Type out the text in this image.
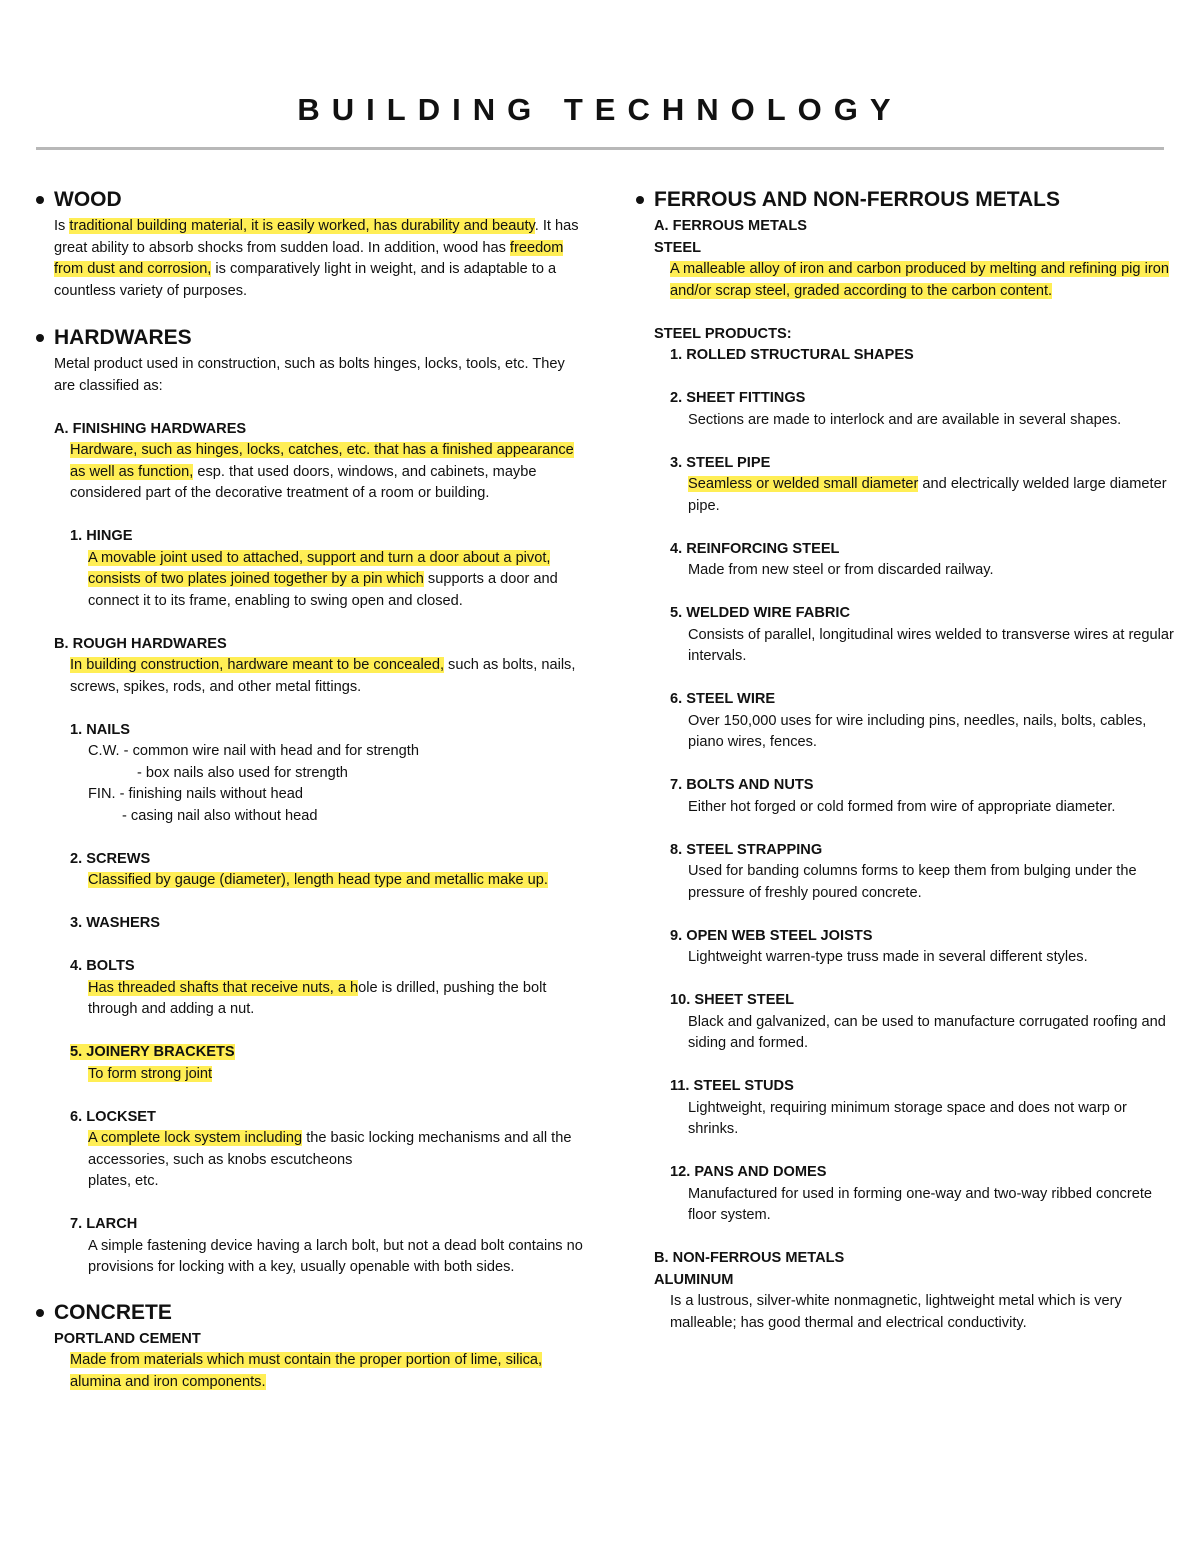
BUILDING TECHNOLOGY
WOOD

Is traditional building material, it is easily worked, has durability and beauty. It has great ability to absorb shocks from sudden load. In addition, wood has freedom from dust and corrosion, is comparatively light in weight, and is adaptable to a countless variety of purposes.

HARDWARES

Metal product used in construction, such as bolts hinges, locks, tools, etc. They are classified as:

A. FINISHING HARDWARES

Hardware, such as hinges, locks, catches, etc. that has a finished appearance as well as function, esp. that used doors, windows, and cabinets, maybe considered part of the decorative treatment of a room or building.

1. HINGE

A movable joint used to attached, support and turn a door about a pivot, consists of two plates joined together by a pin which supports a door and connect it to its frame, enabling to swing open and closed.

B. ROUGH HARDWARES

In building construction, hardware meant to be concealed, such as bolts, nails, screws, spikes, rods, and other metal fittings.

1. NAILS

C.W. - common wire nail with head and for strength

- box nails also used for strength

FIN. - finishing nails without head

- casing nail also without head

2. SCREWS

Classified by gauge (diameter), length head type and metallic make up.

3. WASHERS

4. BOLTS

Has threaded shafts that receive nuts, a hole is drilled, pushing the bolt through and adding a nut.

5. JOINERY BRACKETS

To form strong joint

6. LOCKSET

A complete lock system including the basic locking mechanisms and all the accessories, such as knobs escutcheons

plates, etc.

7. LARCH

A simple fastening device having a larch bolt, but not a dead bolt contains no provisions for locking with a key, usually openable with both sides.

CONCRETE

PORTLAND CEMENT

Made from materials which must contain the proper portion of lime, silica, alumina and iron components.

FERROUS AND NON-FERROUS METALS

A. FERROUS METALS

STEEL

A malleable alloy of iron and carbon produced by melting and refining pig iron and/or scrap steel, graded according to the carbon content.

STEEL PRODUCTS:

1. ROLLED STRUCTURAL SHAPES

2. SHEET FITTINGS

Sections are made to interlock and are available in several shapes.

3. STEEL PIPE

Seamless or welded small diameter and electrically welded large diameter pipe.

4. REINFORCING STEEL

Made from new steel or from discarded railway.

5. WELDED WIRE FABRIC

Consists of parallel, longitudinal wires welded to transverse wires at regular intervals.

6. STEEL WIRE

Over 150,000 uses for wire including pins, needles, nails, bolts, cables, piano wires, fences.

7. BOLTS AND NUTS

Either hot forged or cold formed from wire of appropriate diameter.

8. STEEL STRAPPING

Used for banding columns forms to keep them from bulging under the pressure of freshly poured concrete.

9. OPEN WEB STEEL JOISTS

Lightweight warren-type truss made in several different styles.

10. SHEET STEEL

Black and galvanized, can be used to manufacture corrugated roofing and siding and formed.

11. STEEL STUDS

Lightweight, requiring minimum storage space and does not warp or shrinks.

12. PANS AND DOMES

Manufactured for used in forming one-way and two-way ribbed concrete floor system.

B. NON-FERROUS METALS

ALUMINUM

Is a lustrous, silver-white nonmagnetic, lightweight metal which is very malleable; has good thermal and electrical conductivity.
